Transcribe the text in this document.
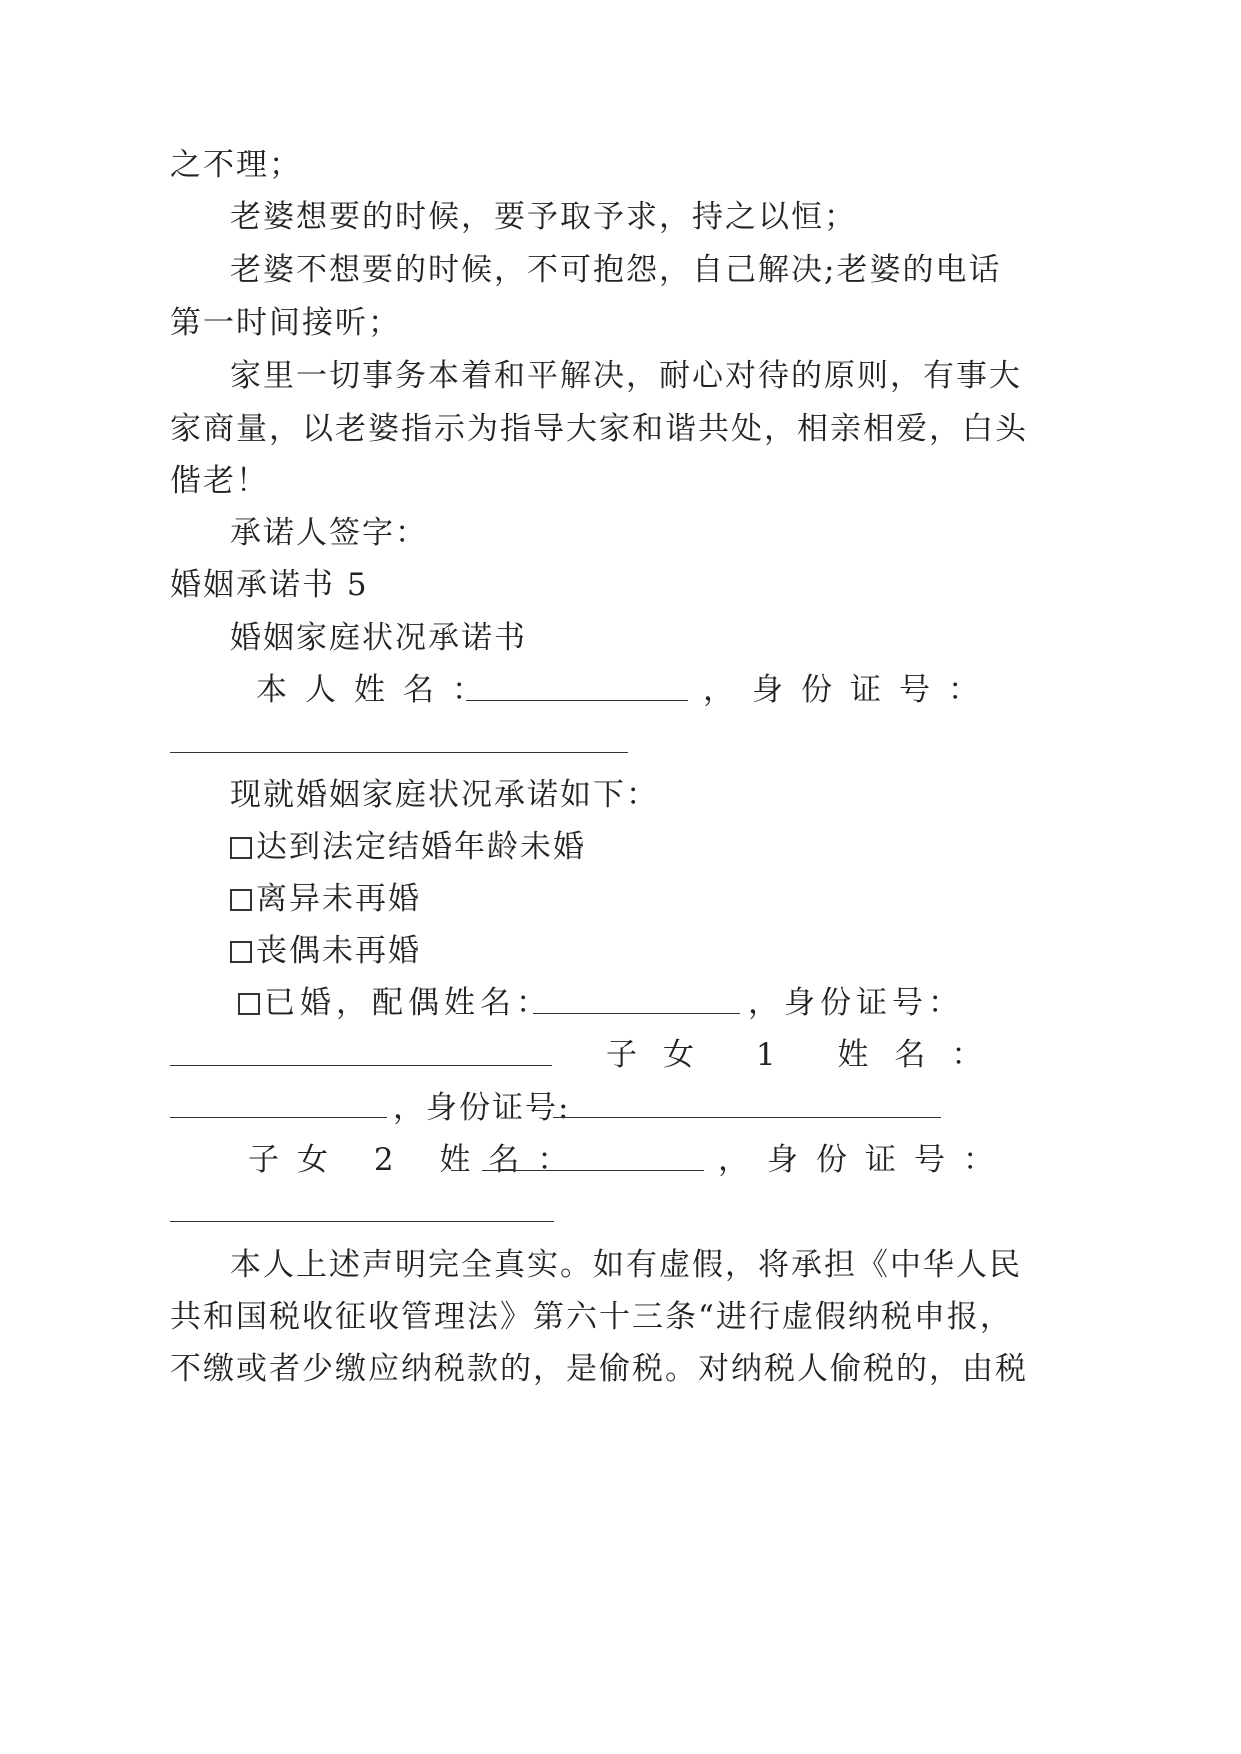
之不理；
老婆想要的时候，要予取予求，持之以恒；
老婆不想要的时候，不可抱怨，自己解决;老婆的电话
第一时间接听；
家里一切事务本着和平解决，耐心对待的原则，有事大
家商量，以老婆指示为指导大家和谐共处，相亲相爱，白头
偕老！
承诺人签字：
婚姻承诺书 5
婚姻家庭状况承诺书
本人姓名：	，身份证号：
现就婚姻家庭状况承诺如下：
达到法定结婚年龄未婚
离异未再婚
丧偶未再婚
已婚，配偶姓名：	，身份证号：
子女 1 姓名：
，身份证号:
子女 2 姓名：	，身份证号：
本人上述声明完全真实。如有虚假，将承担《中华人民
共和国税收征收管理法》第六十三条“进行虚假纳税申报，
不缴或者少缴应纳税款的，是偷税。对纳税人偷税的，由税
